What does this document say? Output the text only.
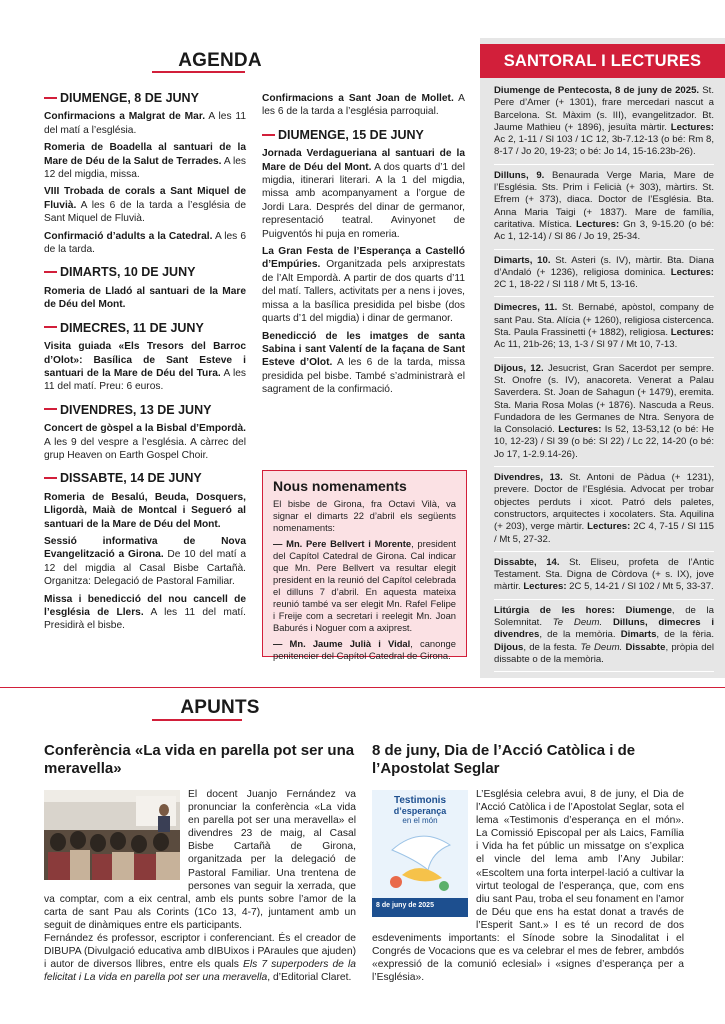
AGENDA
DIUMENGE, 8 DE JUNY

Confirmacions a Malgrat de Mar. A les 11 del matí a l’església.

Romeria de Boadella al santuari de la Mare de Déu de la Salut de Terrades. A les 12 del migdia, missa.

VIII Trobada de corals a Sant Miquel de Fluvià. A les 6 de la tarda a l’església de Sant Miquel de Fluvià.

Confirmació d’adults a la Catedral. A les 6 de la tarda.

DIMARTS, 10 DE JUNY

Romeria de Lladó al santuari de la Mare de Déu del Mont.

DIMECRES, 11 DE JUNY

Visita guiada «Els Tresors del Barroc d’Olot»: Basílica de Sant Esteve i santuari de la Mare de Déu del Tura. A les 11 del matí. Preu: 6 euros.

DIVENDRES, 13 DE JUNY

Concert de gòspel a la Bisbal d’Empordà. A les 9 del vespre a l’església. A càrrec del grup Heaven on Earth Gospel Choir.

DISSABTE, 14 DE JUNY

Romeria de Besalú, Beuda, Dosquers, Lligordà, Maià de Montcal i Segueró al santuari de la Mare de Déu del Mont.

Sessió informativa de Nova Evangelització a Girona. De 10 del matí a 12 del migdia al Casal Bisbe Cartañà. Organitza: Delegació de Pastoral Familiar.

Missa i benedicció del nou cancell de l’església de Llers. A les 11 del matí. Presidirà el bisbe.

Confirmacions a Sant Joan de Mollet. A les 6 de la tarda a l’església parroquial.

DIUMENGE, 15 DE JUNY

Jornada Verdagueriana al santuari de la Mare de Déu del Mont. A dos quarts d’1 del migdia, itinerari literari. A la 1 del migdia, missa amb acompanyament a l’orgue de Jordi Lara. Després del dinar de germanor, representació teatral. Avinyonet de Puigventós hi puja en romeria.

La Gran Festa de l’Esperança a Castelló d’Empúries. Organitzada pels arxiprestats de l’Alt Empordà. A partir de dos quarts d’11 del matí. Tallers, activitats per a nens i joves, missa a la basílica presidida pel bisbe (dos quarts d’1 del migdia) i dinar de germanor.

Benedicció de les imatges de santa Sabina i sant Valentí de la façana de Sant Esteve d’Olot. A les 6 de la tarda, missa presidida pel bisbe. També s’administrarà el sagrament de la confirmació.

Nous nomenaments

El bisbe de Girona, fra Octavi Vilà, va signar el dimarts 22 d’abril els següents nomenaments:

— Mn. Pere Bellvert i Morente, president del Capítol Catedral de Girona. Cal indicar que Mn. Pere Bellvert va resultar elegit president en la reunió del Capítol celebrada el dilluns 7 d’abril. En aquesta mateixa reunió també va ser elegit Mn. Rafel Felipe i Freije com a secretari i reelegit Mn. Joan Baburés i Noguer com a axiprest.

— Mn. Jaume Julià i Vidal, canonge penitencier del Capítol Catedral de Girona.

SANTORAL I LECTURES
Diumenge de Pentecosta, 8 de juny de 2025. St. Pere d’Amer (+ 1301), frare mercedari nascut a Barcelona. St. Màxim (s. III), evangelitzador. Bt. Jaume Mathieu (+ 1896), jesuïta màrtir. Lectures: Ac 2, 1-11 / Sl 103 / 1C 12, 3b-7.12-13 (o bé: Rm 8, 8-17 / Jo 20, 19-23; o bé: Jo 14, 15-16.23b-26).
Dilluns, 9. Benaurada Verge Maria, Mare de l’Església. Sts. Prim i Felicià (+ 303), màrtirs. St. Efrem (+ 373), diaca. Doctor de l’Església. Bta. Anna Maria Taigi (+ 1837). Mare de família, caritativa. Mística. Lectures: Gn 3, 9-15.20 (o bé: Ac 1, 12-14) / Sl 86 / Jo 19, 25-34.
Dimarts, 10. St. Asteri (s. IV), màrtir. Bta. Diana d’Andaló (+ 1236), religiosa dominica. Lectures: 2C 1, 18-22 / Sl 118 / Mt 5, 13-16.
Dimecres, 11. St. Bernabé, apòstol, company de sant Pau. Sta. Alícia (+ 1260), religiosa cistercenca. Sta. Paula Frassinetti (+ 1882), religiosa. Lectures: Ac 11, 21b-26; 13, 1-3 / Sl 97 / Mt 10, 7-13.
Dijous, 12. Jesucrist, Gran Sacerdot per sempre. St. Onofre (s. IV), anacoreta. Venerat a Palau Saverdera. St. Joan de Sahagun (+ 1479), eremita. Sta. Maria Rosa Molas (+ 1876). Nascuda a Reus. Fundadora de les Germanes de Ntra. Senyora de la Consolació. Lectures: Is 52, 13-53,12 (o bé: He 10, 12-23) / Sl 39 (o bé: Sl 22) / Lc 22, 14-20 (o bé: Jo 17, 1-2.9.14-26).
Divendres, 13. St. Antoni de Pàdua (+ 1231), prevere. Doctor de l’Església. Advocat per trobar objectes perduts i xicot. Patró dels paletes, constructors, arquitectes i xocolaters. Sta. Aquilina (+ 203), verge màrtir. Lectures: 2C 4, 7-15 / Sl 115 / Mt 5, 27-32.
Dissabte, 14. St. Eliseu, profeta de l’Antic Testament. Sta. Digna de Còrdova (+ s. IX), jove màrtir. Lectures: 2C 5, 14-21 / Sl 102 / Mt 5, 33-37.
Litúrgia de les hores: Diumenge, de la Solemnitat. Te Deum. Dilluns, dimecres i divendres, de la memòria. Dimarts, de la fèria. Dijous, de la festa. Te Deum. Dissabte, pròpia del dissabte o de la memòria.
APUNTS
Conferència «La vida en parella pot ser una meravella»

El docent Juanjo Fernández va pronunciar la conferència «La vida en parella pot ser una meravella» el divendres 23 de maig, al Casal Bisbe Cartañà de Girona, organitzada per la delegació de Pastoral Familiar. Una trentena de persones van seguir la xerrada, que va comptar, com a eix central, amb els punts sobre l’amor de la carta de sant Pau als Corints (1Co 13, 4-7), juntament amb un seguit de dinàmiques entre els participants.

Fernández és professor, escriptor i conferenciant. És el creador de DIBUPA (Divulgació educativa amb dIBUixos i PAraules que ajuden) i autor de diversos llibres, entre els quals Els 7 superpoders de la felicitat i La vida en parella pot ser una meravella, d’Editorial Claret.

8 de juny, Dia de l’Acció Catòlica i de l’Apostolat Seglar
Testimonis
d’esperança
en el món
8 de juny de 2025

L’Església celebra avui, 8 de juny, el Dia de l’Acció Catòlica i de l’Apostolat Seglar, sota el lema «Testimonis d’esperança en el món». La Comissió Episcopal per als Laics, Família i Vida ha fet públic un missatge on s’explica el vincle del lema amb l’Any Jubilar: «Escoltem una forta interpel·lació a cultivar la virtut teologal de l’esperança, que, com ens diu sant Pau, troba el seu fonament en l’amor de Déu que ens ha estat donat a través de l’Esperit Sant.» I es té un record de dos esdeveniments importants: el Sínode sobre la Sinodalitat i el Congrés de Vocacions que es va celebrar el mes de febrer, ambdós «expressió de la comunió eclesial» i «signes d’esperança per a l’Església».
